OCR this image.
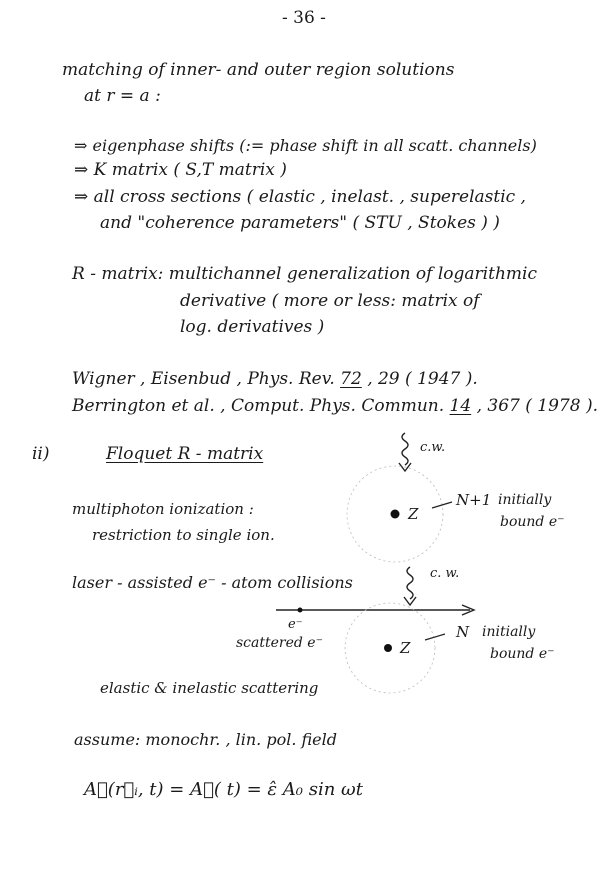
- 36 -
matching of inner- and outer region solutions
at r = a :
⇒ eigenphase shifts (:= phase shift in all scatt. channels)
⇒ K matrix ( S,T matrix )
⇒ all cross sections ( elastic , inelast. , superelastic ,
and "coherence parameters" ( STU , Stokes ) )
R - matrix: multichannel generalization of logarithmic
derivative ( more or less: matrix of
log. derivatives )
Wigner , Eisenbud , Phys. Rev. 72 , 29 ( 1947 ).
Berrington et al. , Comput. Phys. Commun. 14 , 367 ( 1978 ).
ii)	Floquet R - matrix
multiphoton ionization :
restriction to single ion.
laser - assisted e⁻ - atom collisions
elastic & inelastic scattering
assume: monochr. , lin. pol. field
A⃗(r⃗ᵢ, t) = A⃗( t) = ε̂ A₀ sin ωt
c.w.
Z
N+1 initially
bound e⁻
c. w.
e⁻
scattered e⁻	Z
N initially
bound e⁻
